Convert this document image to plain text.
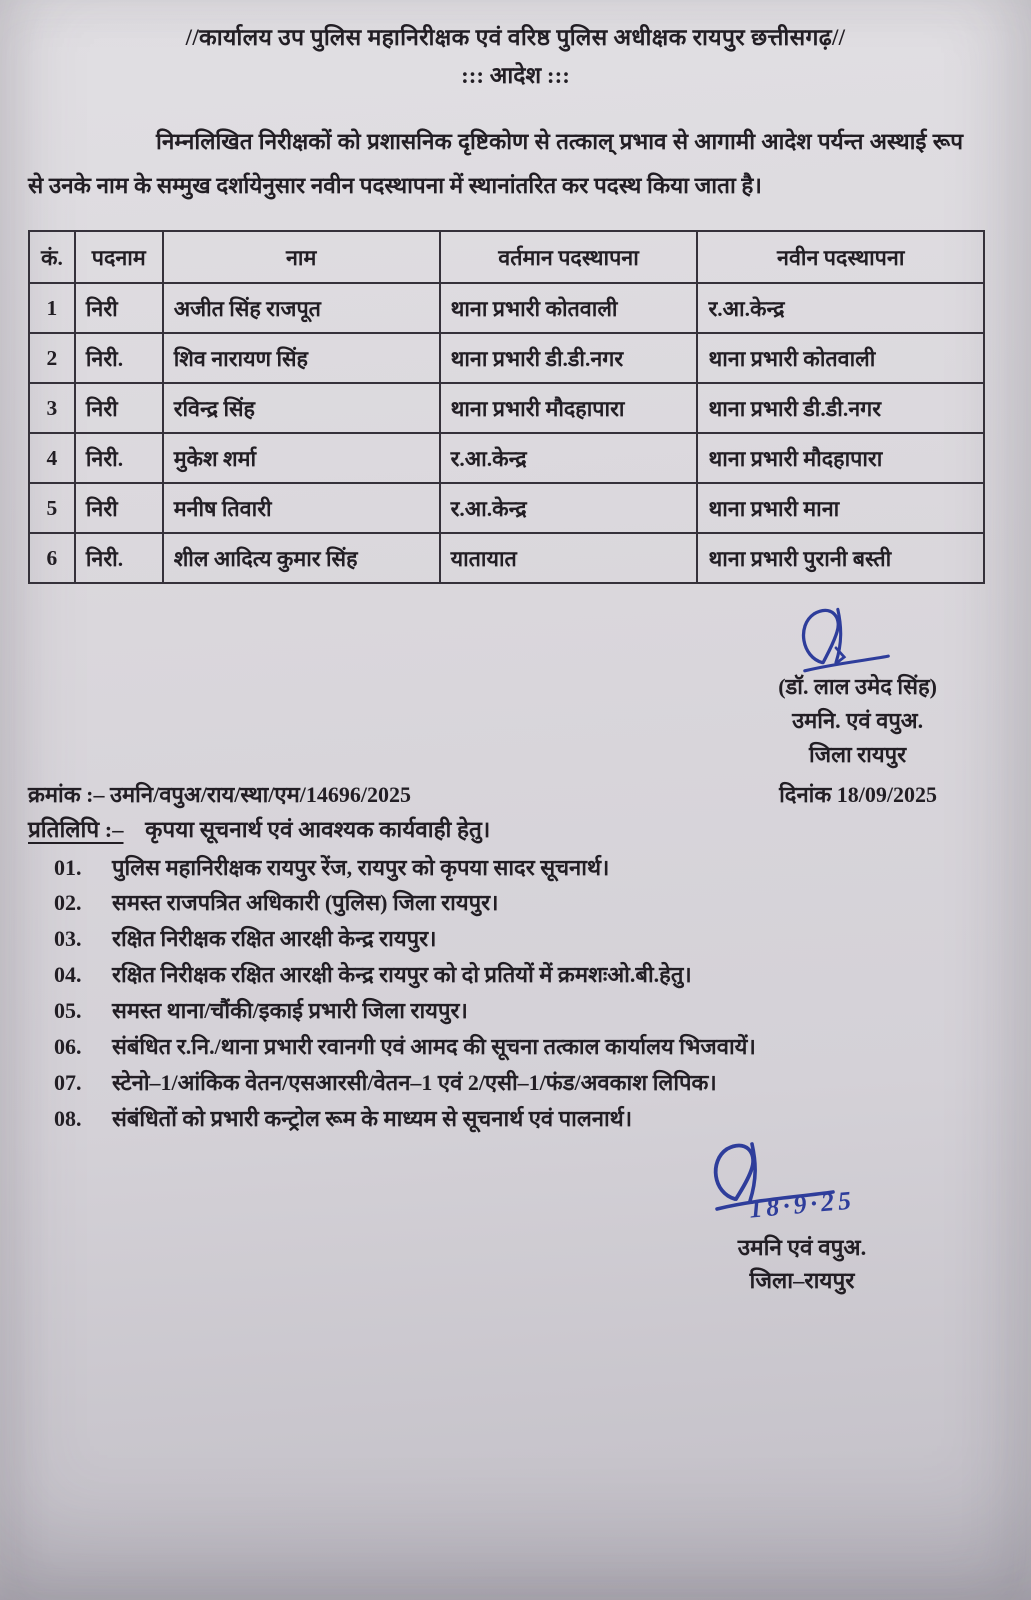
//कार्यालय उप पुलिस महानिरीक्षक एवं वरिष्ठ पुलिस अधीक्षक रायपुर छत्तीसगढ़//
::: आदेश :::

निम्नलिखित निरीक्षकों को प्रशासनिक दृष्टिकोण से तत्काल् प्रभाव से आगामी आदेश पर्यन्त अस्थाई रूप से उनके नाम के सम्मुख दर्शायेनुसार नवीन पदस्थापना में स्थानांतरित कर पदस्थ किया जाता है।

कं.	पदनाम	नाम	वर्तमान पदस्थापना	नवीन पदस्थापना
1	निरी	अजीत सिंह राजपूत	थाना प्रभारी कोतवाली	र.आ.केन्द्र
2	निरी.	शिव नारायण सिंह	थाना प्रभारी डी.डी.नगर	थाना प्रभारी कोतवाली
3	निरी	रविन्द्र सिंह	थाना प्रभारी मौदहापारा	थाना प्रभारी डी.डी.नगर
4	निरी.	मुकेश शर्मा	र.आ.केन्द्र	थाना प्रभारी मौदहापारा
5	निरी	मनीष तिवारी	र.आ.केन्द्र	थाना प्रभारी माना
6	निरी.	शील आदित्य कुमार सिंह	यातायात	थाना प्रभारी पुरानी बस्ती
(डॉ. लाल उमेद सिंह)
उमनि. एवं वपुअ.
जिला रायपुर
क्रमांक :– उमनि/वपुअ/राय/स्था/एम/14696/2025	दिनांक 18/09/2025
प्रतिलिपि :– कृपया सूचनार्थ एवं आवश्यक कार्यवाही हेतु।
01.	पुलिस महानिरीक्षक रायपुर रेंज, रायपुर को कृपया सादर सूचनार्थ।
02.	समस्त राजपत्रित अधिकारी (पुलिस) जिला रायपुर।
03.	रक्षित निरीक्षक रक्षित आरक्षी केन्द्र रायपुर।
04.	रक्षित निरीक्षक रक्षित आरक्षी केन्द्र रायपुर को दो प्रतियों में क्रमशःओ.बी.हेतु।
05.	समस्त थाना/चौंकी/इकाई प्रभारी जिला रायपुर।
06.	संबंधित र.नि./थाना प्रभारी रवानगी एवं आमद की सूचना तत्काल कार्यालय भिजवायें।
07.	स्टेनो–1/आंकिक वेतन/एसआरसी/वेतन–1 एवं 2/एसी–1/फंड/अवकाश लिपिक।
08.	संबंधितों को प्रभारी कन्ट्रोल रूम के माध्यम से सूचनार्थ एवं पालनार्थ।
18·9·25
उमनि एवं वपुअ.
जिला–रायपुर
